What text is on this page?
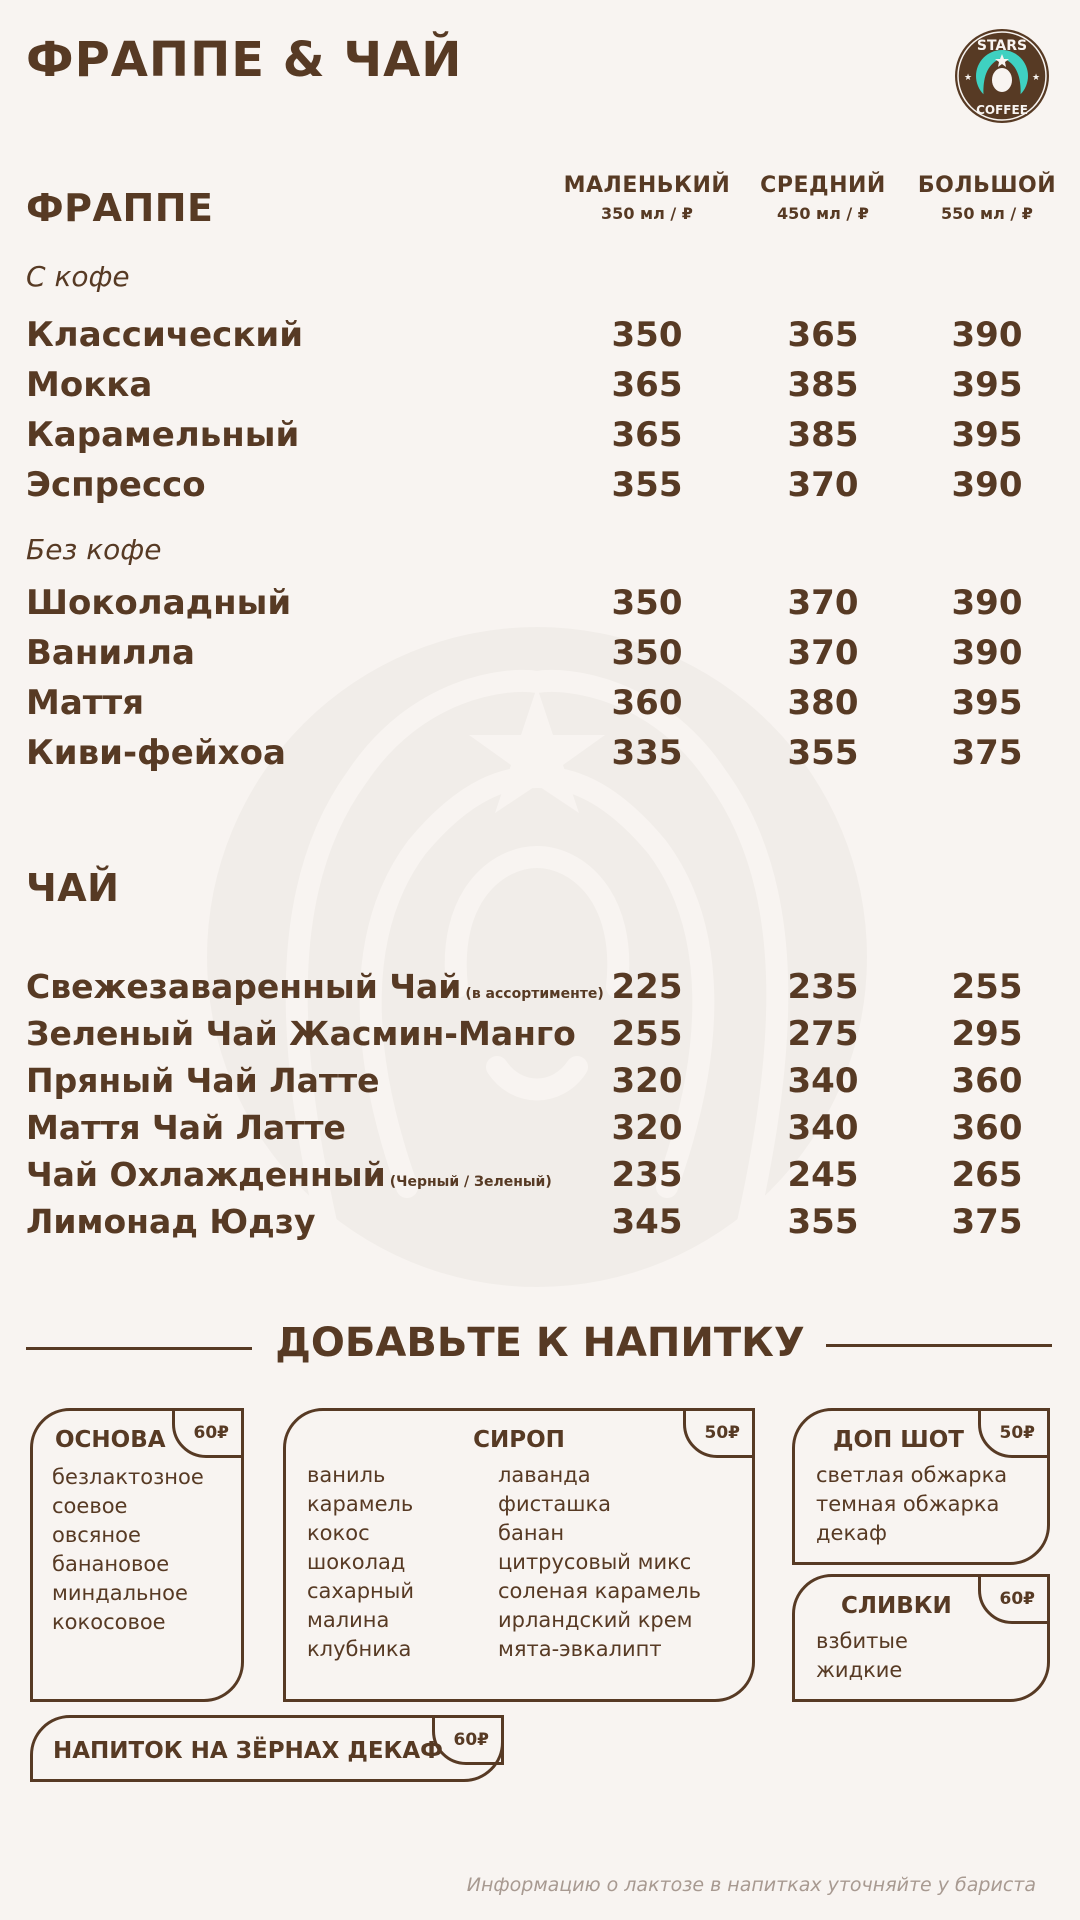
ФРАППЕ & ЧАЙ	STARS
COFFEE
★	★
ФРАППЕ
МАЛЕНЬКИЙ
350 мл / ₽
СРЕДНИЙ
450 мл / ₽
БОЛЬШОЙ
550 мл / ₽
С кофе
Классический	350	365	390
Мокка	365	385	395
Карамельный	365	385	395
Эспрессо	355	370	390
Без кофе
Шоколадный	350	370	390
Ванилла	350	370	390
Маття	360	380	395
Киви-фейхоа	335	355	375
ЧАЙ
Свежезаваренный Чай (в ассортименте) 225	235	255
Зеленый Чай Жасмин-Манго	255	275	295
Пряный Чай Латте	320	340	360
Маття Чай Латте	320	340	360
Чай Охлажденный (Черный / Зеленый)	235	245	265
Лимонад Юдзу	345	355	375
ДОБАВЬТЕ К НАПИТКУ
ОСНОВА	60₽
безлактозное
соевое
овсяное
банановое
миндальное
кокосовое
СИРОП	50₽
ваниль
карамель
кокос
шоколад
сахарный
малина
клубника
лаванда
фисташка
банан
цитрусовый микс
соленая карамель
ирландский крем
мята-эвкалипт
ДОП ШОТ	50₽
светлая обжарка
темная обжарка
декаф
СЛИВКИ	60₽
взбитые
жидкие
НАПИТОК НА ЗЁРНАХ ДЕКАФ 60₽
Информацию о лактозе в напитках уточняйте у бариста
